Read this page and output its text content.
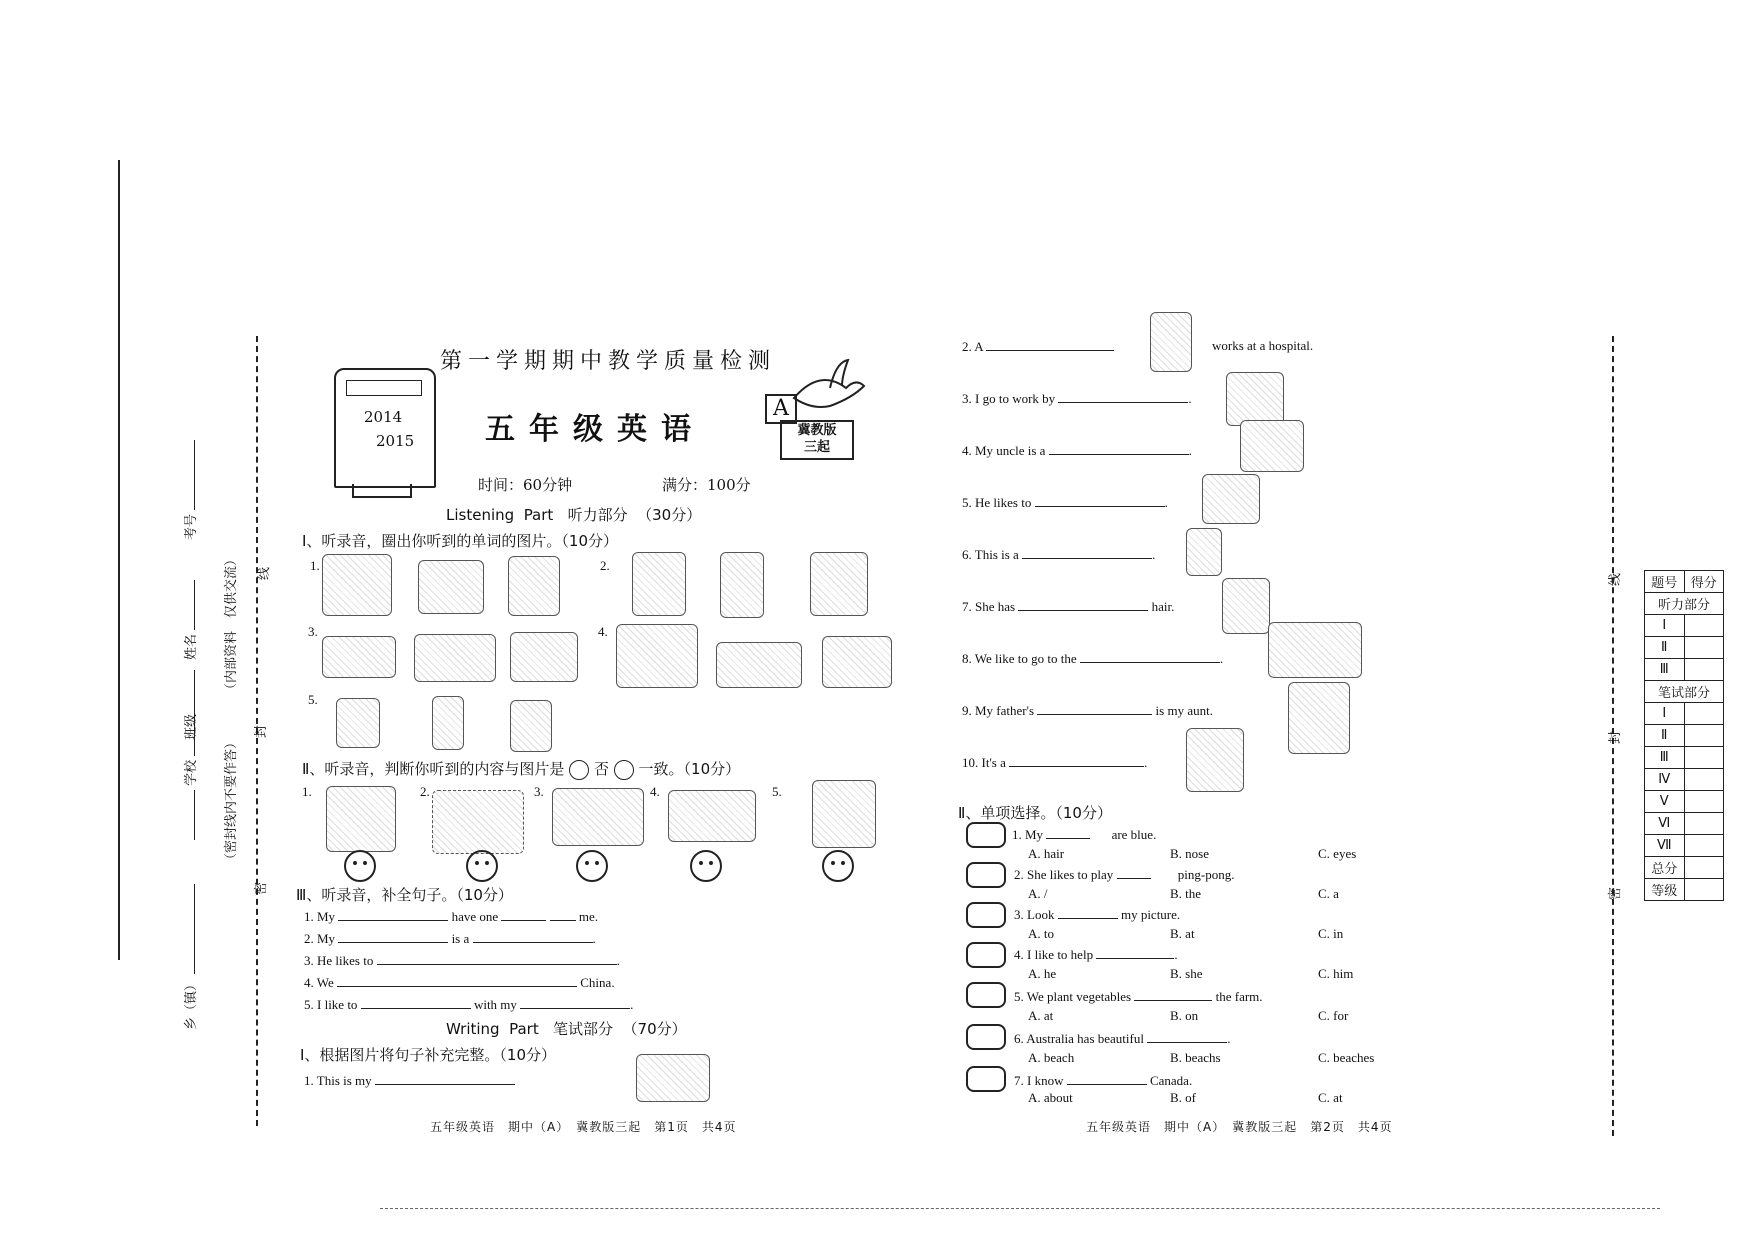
线
封
密
（内部资料　仅供交流）
（密封线内不要作答）
乡（镇）
学校
班级
姓名
考号
2014
2015
第一学期期中教学质量检测
五年级英语
A
冀教版
三起
时间：60分钟	满分：100分
Listening  Part   听力部分  （30分）
Ⅰ、听录音，圈出你听到的单词的图片。（10分）
1.	2.
3.	4.
5.
Ⅱ、听录音，判断你听到的内容与图片是 否 一致。（10分）
1.	2.	3.	4.	5.
Ⅲ、听录音，补全句子。（10分）
1. My	have one	me.
2. My	is a	.
3. He likes to	.
4. We	China.
5. I like to	with my	.
Writing  Part   笔试部分  （70分）
Ⅰ、根据图片将句子补充完整。（10分）
1. This is my
五年级英语　期中（A）　冀教版三起　第1页　共4页
2. A	works at a hospital.
3. I go to work by	.
4. My uncle is a	.
5. He likes to	.
6. This is a	.
7. She has	hair.
8. We like to go to the	.
9. My father's	is my aunt.
10. It's a	.
Ⅱ、单项选择。（10分）
1. My	are blue.
A. hair	B. nose	C. eyes
2. She likes to play	ping-pong.
A. /	B. the	C. a
3. Look	my picture.
A. to	B. at	C. in
4. I like to help	.
A. he	B. she	C. him
5. We plant vegetables	the farm.
A. at	B. on	C. for
6. Australia has beautiful	.
A. beach	B. beachs	C. beaches
7. I know	Canada.
A. about	B. of	C. at
五年级英语　期中（A）　冀教版三起　第2页　共4页
线
封
密
题号	得分
听力部分	
Ⅰ	
Ⅱ	
Ⅲ	
笔试部分	
Ⅰ	
Ⅱ	
Ⅲ	
Ⅳ	
Ⅴ	
Ⅵ	
Ⅶ	
总分	
等级	
